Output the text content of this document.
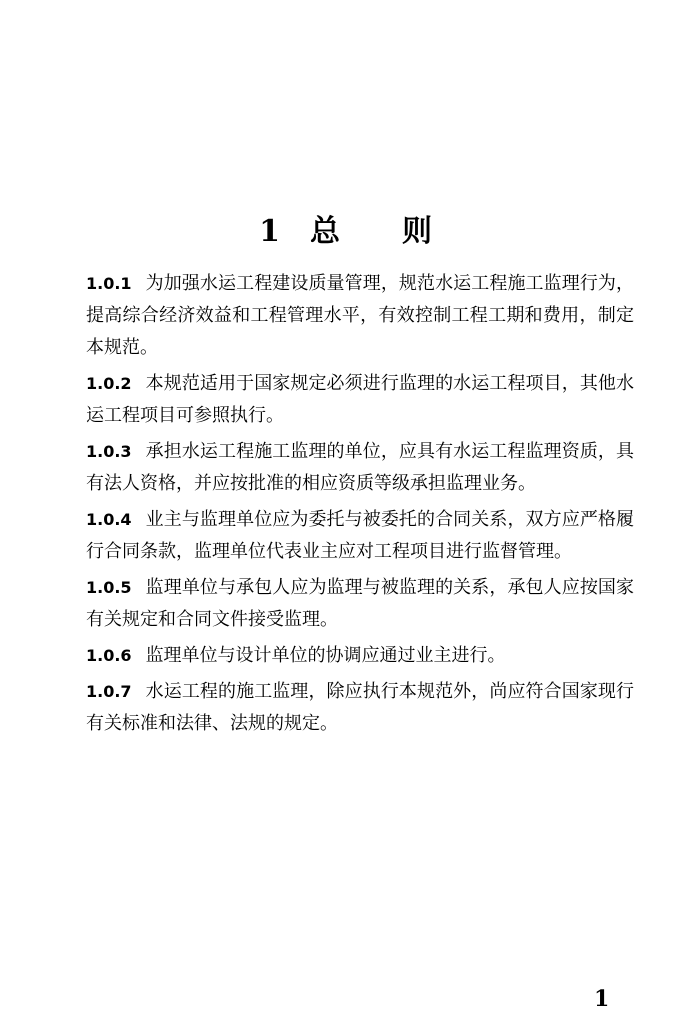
1 总 则

1.0.1 为加强水运工程建设质量管理，规范水运工程施工监理行为，提高综合经济效益和工程管理水平，有效控制工程工期和费用，制定本规范。

1.0.2 本规范适用于国家规定必须进行监理的水运工程项目，其他水运工程项目可参照执行。

1.0.3 承担水运工程施工监理的单位，应具有水运工程监理资质，具有法人资格，并应按批准的相应资质等级承担监理业务。

1.0.4 业主与监理单位应为委托与被委托的合同关系，双方应严格履行合同条款，监理单位代表业主应对工程项目进行监督管理。

1.0.5 监理单位与承包人应为监理与被监理的关系，承包人应按国家有关规定和合同文件接受监理。

1.0.6 监理单位与设计单位的协调应通过业主进行。

1.0.7 水运工程的施工监理，除应执行本规范外，尚应符合国家现行有关标准和法律、法规的规定。

1
